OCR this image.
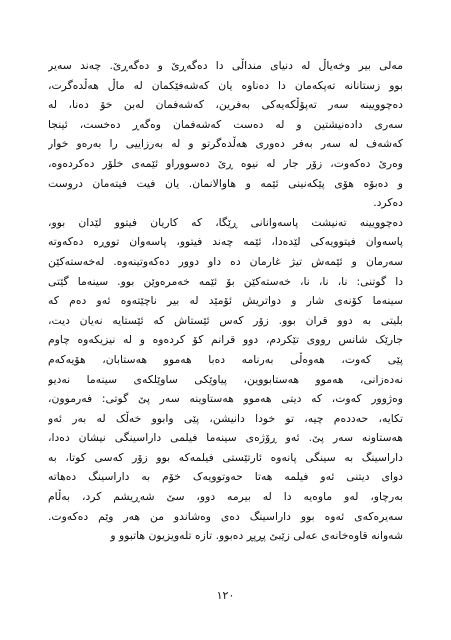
مەلی بیر وخەیاڵ لە دنیای منداڵی دا دەگەڕێ و دەگەڕێ. چەند سەیر
بوو زستانانە تەپکەمان دا دەناوە یان کەشەفێکمان لە ماڵ هەڵدەگرت،
دەچوویینە سەر تەپۆڵکەیەکی بەفرین، کەشەفمان لەبن خۆ دەنا، لە
سەری دادەنیشتین و لە دەست کەشەفمان وەگەڕ دەخست، ئینجا
کەشەف لە سەر بەفر دەوری هەڵدەگرتو و لە بەرزاییی را بەرەو خوار
وەرێ دەکەوت، زۆر جار لە نیوە ڕێ دەسووراو ئێمەی خلۆر دەکردەوە،
و دەبۆە هۆی پێکەنینی ئێمە و هاوالانمان. یان فیت فیتەمان دروست
دەکرد.
دەچوویینە تەنیشت پاسەوانانی ڕێگا، کە کاریان فیتوو لێدان بوو،
پاسەوان فیتوویەکی لێدەدا، ئێمە چەند فیتوو، پاسەوان تووڕە دەکەوتە
سەرمان و ئێمەش تیژ غارمان دە داو دوور دەکەوتینەوە. لەخەستەکێن
دا گوتنی: نا، نا، نا، خەستەکێن بۆ ئێمە خەمرەوێن بوو. سینەما گێتی
سینەما کۆنەی شار و دواتریش ئۆمێد لە بیر ناچێتەوە ئەو دەم کە
بلیتی بە دوو قران بوو. زۆر کەس ئێستاش کە ئێستایە نەیان دیت،
جارێک شانس رووی تێکردم، دوو قرانم کۆ کردەوە و لە نیزیکەوە چاوم
پێی کەوت، هەوەڵی بەرنامە دەبا هەموو هەستابان، هۆیەکەم
نەدەزانی، هەموو هەستابووین، پیاوێکی ساوێلکەی سینەما نەدیو
وەژوور کەوت، کە دیتی هەموو هەستاوینە سەر پێ گوتی: فەرموون،
تکایە، حەددەم چیە، تو خودا دانیشن، پێی وابوو خەڵک لە بەر ئەو
هەستاونە سەر پێ. ئەو ڕۆژەی سینەما فیلمی داراسینگی نیشان دەدا،
داراسینگ بە سینگی پانەوە ئارتێستی فیلمەکە بوو زۆر کەسی کوتا، بە
دوای دیتنی ئەو فیلمە هەتا حەوتوویەک خۆم بە داراسینگ دەهاتە
بەرچاو، لەو ماوەیە دا لە بیرمە دوو، سێ شەڕیشم کرد، بەڵام
سەیرەکەی ئەوە بوو داراسینگ دەی وەشاندو من هەر وێم دەکەوت.
شەوانە قاوەخانەی عەلی زێبێ پڕپڕ دەبوو. تازە تلەویزیون هاتبوو و
١٢٠
